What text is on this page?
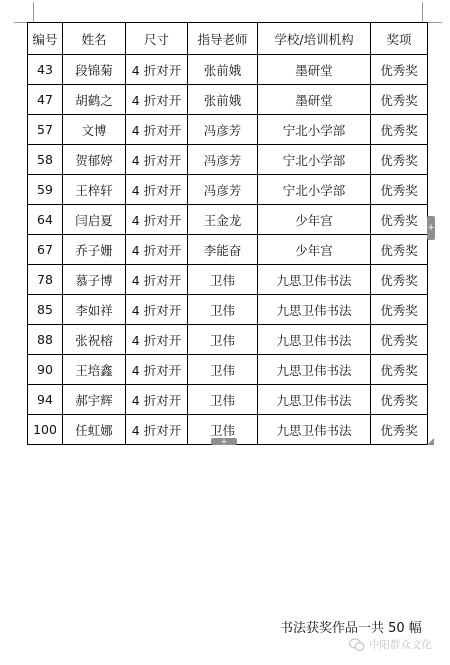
编号	姓名	尺寸	指导老师	学校/培训机构	奖项
43	段锦菊	4 折对开	张前娥	墨研堂	优秀奖
47	胡鹤之	4 折对开	张前娥	墨研堂	优秀奖
57	文博	4 折对开	冯彦芳	宁北小学部	优秀奖
58	贺郁婷	4 折对开	冯彦芳	宁北小学部	优秀奖
59	王梓轩	4 折对开	冯彦芳	宁北小学部	优秀奖
64	闫启夏	4 折对开	王金龙	少年宫	优秀奖
67	乔子姗	4 折对开	李能奋	少年宫	优秀奖
78	慕子博	4 折对开	卫伟	九思卫伟书法	优秀奖
85	李如祥	4 折对开	卫伟	九思卫伟书法	优秀奖
88	张祝榕	4 折对开	卫伟	九思卫伟书法	优秀奖
90	王培鑫	4 折对开	卫伟	九思卫伟书法	优秀奖
94	郝宇辉	4 折对开	卫伟	九思卫伟书法	优秀奖
100	任虹娜	4 折对开	卫伟	九思卫伟书法	优秀奖
+
+
书法获奖作品一共 50 幅
中阳群众文化
